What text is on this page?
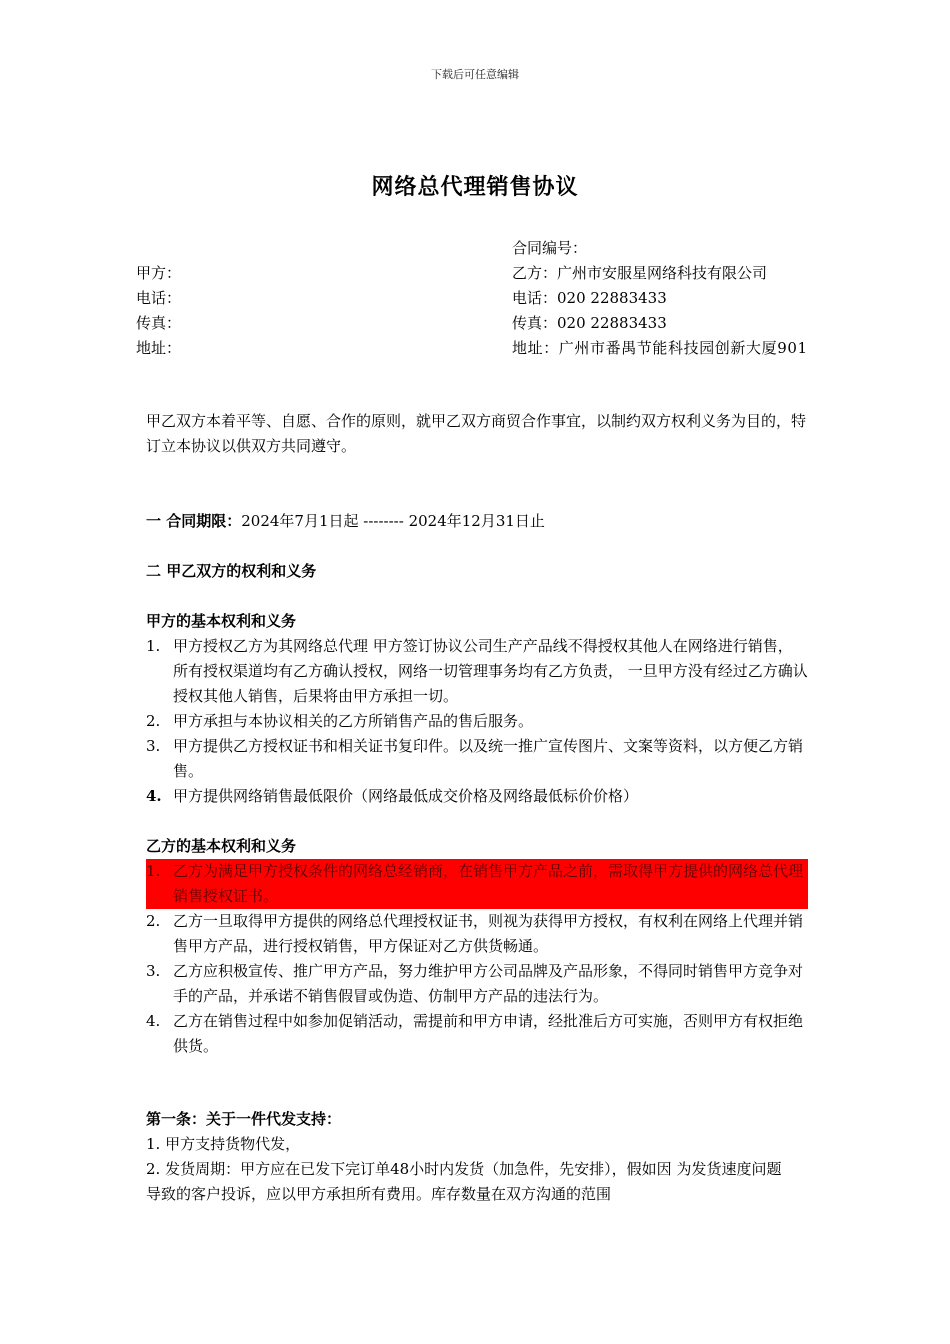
下载后可任意编辑
网络总代理销售协议
合同编号：
甲方：	乙方：广州市安服星网络科技有限公司
电话：	电话：020 22883433
传真：	传真：020 22883433
地址：	地址：广州市番禺节能科技园创新大厦901
甲乙双方本着平等、自愿、合作的原则，就甲乙双方商贸合作事宜，以制约双方权利义务为目的，特订立本协议以供双方共同遵守。
一 合同期限：2024年7月1日起 -------- 2024年12月31日止
二 甲乙双方的权利和义务
甲方的基本权利和义务
1. 甲方授权乙方为其网络总代理 甲方签订协议公司生产产品线不得授权其他人在网络进行销售， 所有授权渠道均有乙方确认授权，网络一切管理事务均有乙方负责， 一旦甲方没有经过乙方确认授权其他人销售，后果将由甲方承担一切。
2. 甲方承担与本协议相关的乙方所销售产品的售后服务。
3. 甲方提供乙方授权证书和相关证书复印件。以及统一推广宣传图片、文案等资料，以方便乙方销售。
4. 甲方提供网络销售最低限价（网络最低成交价格及网络最低标价价格）
乙方的基本权利和义务
1. 乙方为满足甲方授权条件的网络总经销商，在销售甲方产品之前，需取得甲方提供的网络总代理销售授权证书。
2. 乙方一旦取得甲方提供的网络总代理授权证书，则视为获得甲方授权，有权利在网络上代理并销售甲方产品，进行授权销售，甲方保证对乙方供货畅通。
3. 乙方应积极宣传、推广甲方产品，努力维护甲方公司品牌及产品形象，不得同时销售甲方竞争对手的产品，并承诺不销售假冒或伪造、仿制甲方产品的违法行为。
4. 乙方在销售过程中如参加促销活动，需提前和甲方申请，经批准后方可实施，否则甲方有权拒绝供货。
第一条：关于一件代发支持：
1. 甲方支持货物代发，
2. 发货周期：甲方应在已发下完订单48小时内发货（加急件，先安排），假如因 为发货速度问题导致的客户投诉，应以甲方承担所有费用。库存数量在双方沟通的范围
